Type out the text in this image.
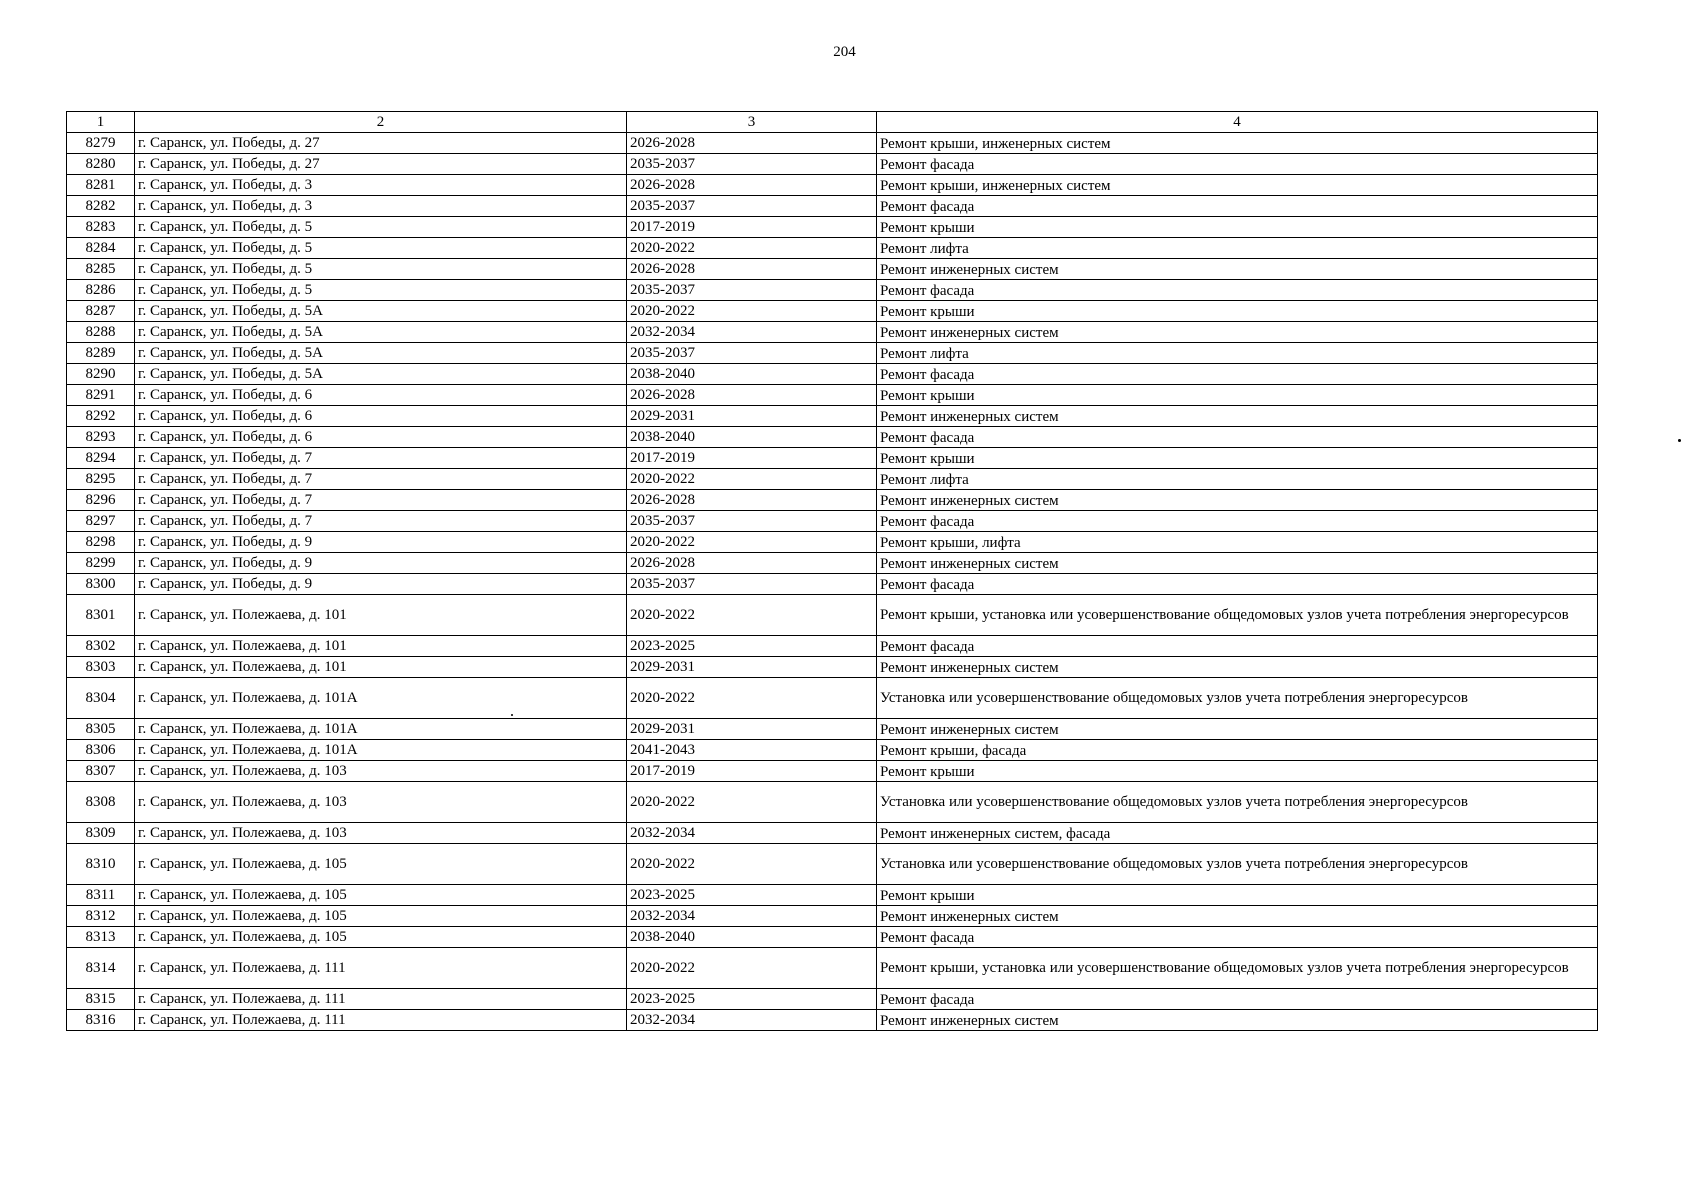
204
1	2	3	4
8279	г. Саранск, ул. Победы, д. 27	2026-2028	Ремонт крыши, инженерных систем
8280	г. Саранск, ул. Победы, д. 27	2035-2037	Ремонт фасада
8281	г. Саранск, ул. Победы, д. 3	2026-2028	Ремонт крыши, инженерных систем
8282	г. Саранск, ул. Победы, д. 3	2035-2037	Ремонт фасада
8283	г. Саранск, ул. Победы, д. 5	2017-2019	Ремонт крыши
8284	г. Саранск, ул. Победы, д. 5	2020-2022	Ремонт лифта
8285	г. Саранск, ул. Победы, д. 5	2026-2028	Ремонт инженерных систем
8286	г. Саранск, ул. Победы, д. 5	2035-2037	Ремонт фасада
8287	г. Саранск, ул. Победы, д. 5А	2020-2022	Ремонт крыши
8288	г. Саранск, ул. Победы, д. 5А	2032-2034	Ремонт инженерных систем
8289	г. Саранск, ул. Победы, д. 5А	2035-2037	Ремонт лифта
8290	г. Саранск, ул. Победы, д. 5А	2038-2040	Ремонт фасада
8291	г. Саранск, ул. Победы, д. 6	2026-2028	Ремонт крыши
8292	г. Саранск, ул. Победы, д. 6	2029-2031	Ремонт инженерных систем
8293	г. Саранск, ул. Победы, д. 6	2038-2040	Ремонт фасада
8294	г. Саранск, ул. Победы, д. 7	2017-2019	Ремонт крыши
8295	г. Саранск, ул. Победы, д. 7	2020-2022	Ремонт лифта
8296	г. Саранск, ул. Победы, д. 7	2026-2028	Ремонт инженерных систем
8297	г. Саранск, ул. Победы, д. 7	2035-2037	Ремонт фасада
8298	г. Саранск, ул. Победы, д. 9	2020-2022	Ремонт крыши, лифта
8299	г. Саранск, ул. Победы, д. 9	2026-2028	Ремонт инженерных систем
8300	г. Саранск, ул. Победы, д. 9	2035-2037	Ремонт фасада
8301	г. Саранск, ул. Полежаева, д. 101	2020-2022	Ремонт крыши, установка или усовершенствование общедомовых узлов учета потребления энергоресурсов
8302	г. Саранск, ул. Полежаева, д. 101	2023-2025	Ремонт фасада
8303	г. Саранск, ул. Полежаева, д. 101	2029-2031	Ремонт инженерных систем
8304	г. Саранск, ул. Полежаева, д. 101А	2020-2022	Установка или усовершенствование общедомовых узлов учета потребления энергоресурсов
8305	г. Саранск, ул. Полежаева, д. 101А	2029-2031	Ремонт инженерных систем
8306	г. Саранск, ул. Полежаева, д. 101А	2041-2043	Ремонт крыши, фасада
8307	г. Саранск, ул. Полежаева, д. 103	2017-2019	Ремонт крыши
8308	г. Саранск, ул. Полежаева, д. 103	2020-2022	Установка или усовершенствование общедомовых узлов учета потребления энергоресурсов
8309	г. Саранск, ул. Полежаева, д. 103	2032-2034	Ремонт инженерных систем, фасада
8310	г. Саранск, ул. Полежаева, д. 105	2020-2022	Установка или усовершенствование общедомовых узлов учета потребления энергоресурсов
8311	г. Саранск, ул. Полежаева, д. 105	2023-2025	Ремонт крыши
8312	г. Саранск, ул. Полежаева, д. 105	2032-2034	Ремонт инженерных систем
8313	г. Саранск, ул. Полежаева, д. 105	2038-2040	Ремонт фасада
8314	г. Саранск, ул. Полежаева, д. 111	2020-2022	Ремонт крыши, установка или усовершенствование общедомовых узлов учета потребления энергоресурсов
8315	г. Саранск, ул. Полежаева, д. 111	2023-2025	Ремонт фасада
8316	г. Саранск, ул. Полежаева, д. 111	2032-2034	Ремонт инженерных систем
